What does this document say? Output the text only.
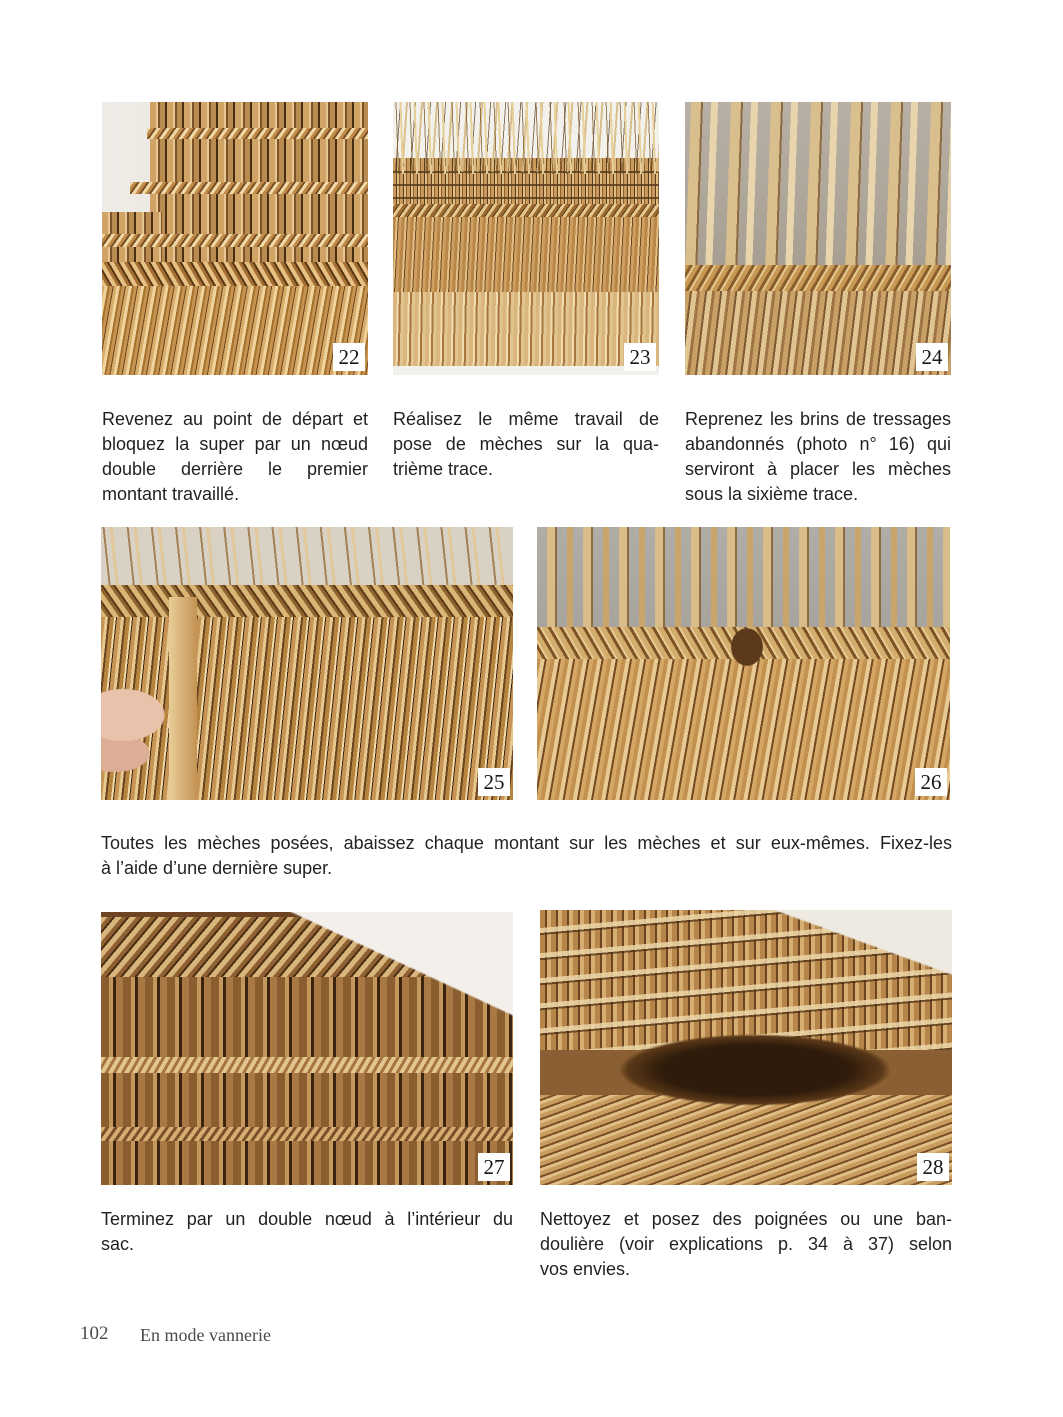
22	23	24
Revenez au point de départ et
bloquez la super par un nœud
double derrière le premier
montant travaillé.
Réalisez le même travail de
pose de mèches sur la qua-
trième trace.
Reprenez les brins de tressages
abandonnés (photo n° 16) qui
serviront à placer les mèches
sous la sixième trace.
25	26
Toutes les mèches posées, abaissez chaque montant sur les mèches et sur eux-mêmes. Fixez-les
à l’aide d’une dernière super.
27	28
Terminez par un double nœud à l’intérieur du
sac.
Nettoyez et posez des poignées ou une ban-
doulière (voir explications p. 34 à 37) selon
vos envies.
102 En mode vannerie
